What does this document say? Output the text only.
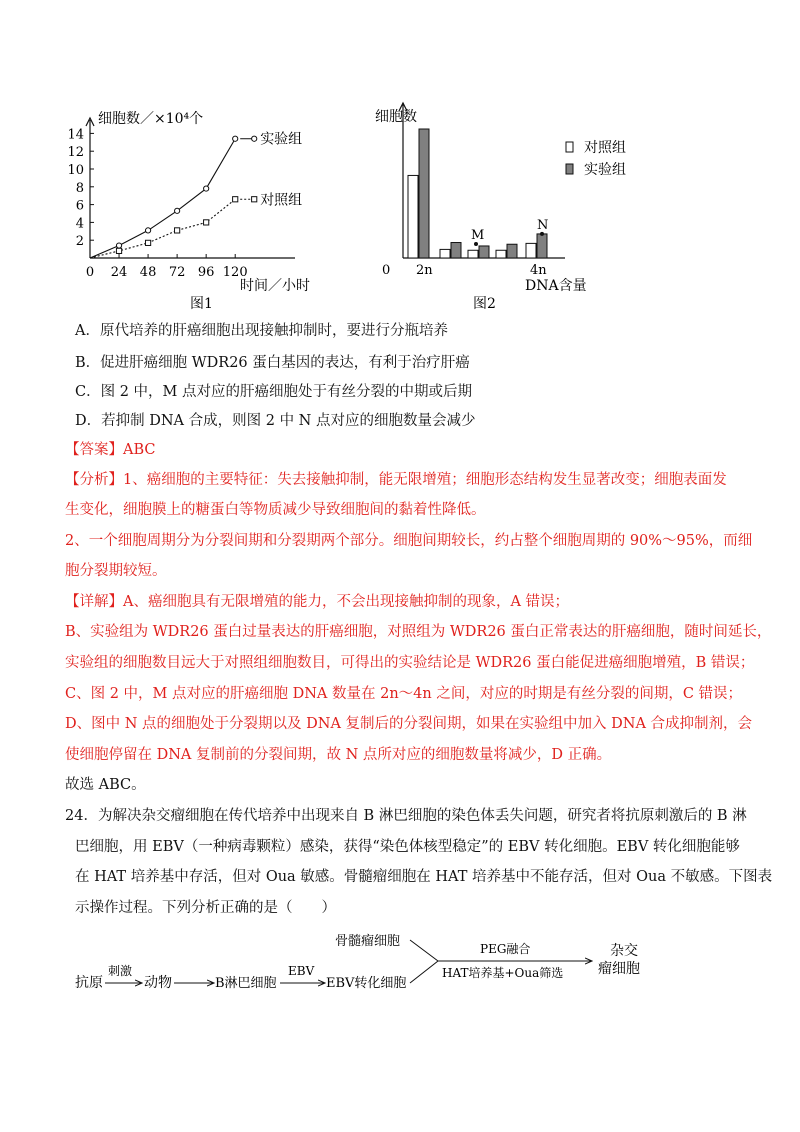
细胞数／×10⁴个
时间／小时
图1
2
4
6
8
10
12
14
0 24 48 72 96 120
实验组
对照组
细胞数
DNA含量
图2
0 2n	4n
M
N
对照组
实验组
A．原代培养的肝癌细胞出现接触抑制时，要进行分瓶培养
B．促进肝癌细胞 WDR26 蛋白基因的表达，有利于治疗肝癌
C．图 2 中，M 点对应的肝癌细胞处于有丝分裂的中期或后期
D．若抑制 DNA 合成，则图 2 中 N 点对应的细胞数量会减少
【答案】ABC
【分析】1、癌细胞的主要特征：失去接触抑制，能无限增殖；细胞形态结构发生显著改变；细胞表面发
生变化，细胞膜上的糖蛋白等物质减少导致细胞间的黏着性降低。
2、一个细胞周期分为分裂间期和分裂期两个部分。细胞间期较长，约占整个细胞周期的 90%～95%，而细
胞分裂期较短。
【详解】A、癌细胞具有无限增殖的能力，不会出现接触抑制的现象，A 错误；
B、实验组为 WDR26 蛋白过量表达的肝癌细胞，对照组为 WDR26 蛋白正常表达的肝癌细胞，随时间延长，
实验组的细胞数目远大于对照组细胞数目，可得出的实验结论是 WDR26 蛋白能促进癌细胞增殖，B 错误；
C、图 2 中，M 点对应的肝癌细胞 DNA 数量在 2n～4n 之间，对应的时期是有丝分裂的间期，C 错误；
D、图中 N 点的细胞处于分裂期以及 DNA 复制后的分裂间期，如果在实验组中加入 DNA 合成抑制剂，会
使细胞停留在 DNA 复制前的分裂间期，故 N 点所对应的细胞数量将减少，D 正确。
故选 ABC。
24．为解决杂交瘤细胞在传代培养中出现来自 B 淋巴细胞的染色体丢失问题，研究者将抗原刺激后的 B 淋
巴细胞，用 EBV（一种病毒颗粒）感染，获得“染色体核型稳定”的 EBV 转化细胞。EBV 转化细胞能够
在 HAT 培养基中存活，但对 Oua 敏感。骨髓瘤细胞在 HAT 培养基中不能存活，但对 Oua 不敏感。下图表
示操作过程。下列分析正确的是（　　）
抗原
刺激
动物	B淋巴细胞
EBV
EBV转化细胞
骨髓瘤细胞	PEG融合
HAT培养基+Oua筛选
杂交
瘤细胞
